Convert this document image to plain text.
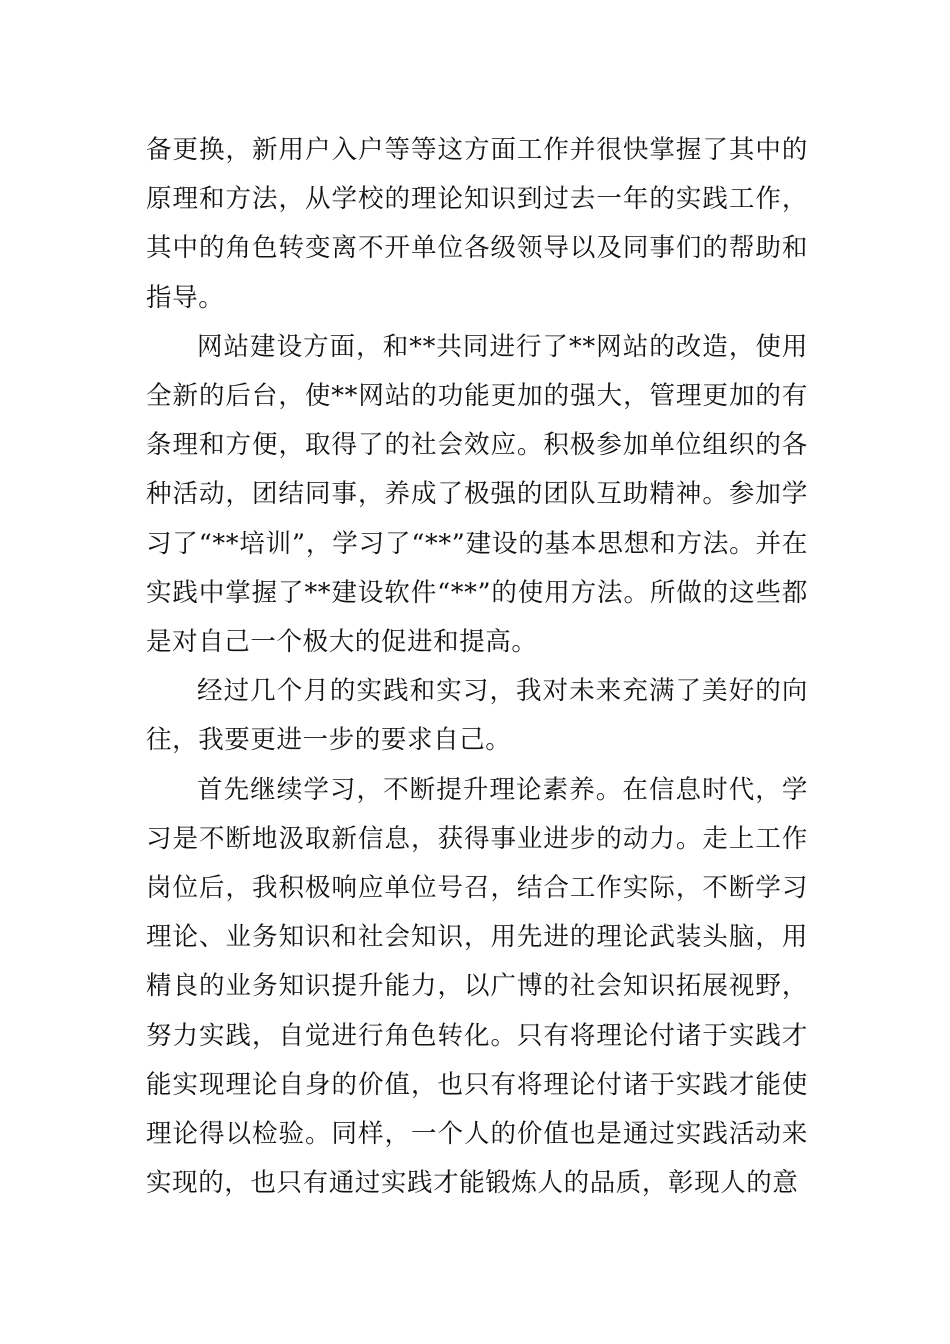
备更换，新用户入户等等这方面工作并很快掌握了其中的原理和方法，从学校的理论知识到过去一年的实践工作，其中的角色转变离不开单位各级领导以及同事们的帮助和指导。

网站建设方面，和**共同进行了**网站的改造，使用全新的后台，使**网站的功能更加的强大，管理更加的有条理和方便，取得了的社会效应。积极参加单位组织的各种活动，团结同事，养成了极强的团队互助精神。参加学习了“**培训”，学习了“**”建设的基本思想和方法。并在实践中掌握了**建设软件“**”的使用方法。所做的这些都是对自己一个极大的促进和提高。

经过几个月的实践和实习，我对未来充满了美好的向往，我要更进一步的要求自己。

首先继续学习，不断提升理论素养。在信息时代，学习是不断地汲取新信息，获得事业进步的动力。走上工作岗位后，我积极响应单位号召，结合工作实际，不断学习理论、业务知识和社会知识，用先进的理论武装头脑，用精良的业务知识提升能力，以广博的社会知识拓展视野，努力实践，自觉进行角色转化。只有将理论付诸于实践才能实现理论自身的价值，也只有将理论付诸于实践才能使理论得以检验。同样，一个人的价值也是通过实践活动来实现的，也只有通过实践才能锻炼人的品质，彰现人的意
